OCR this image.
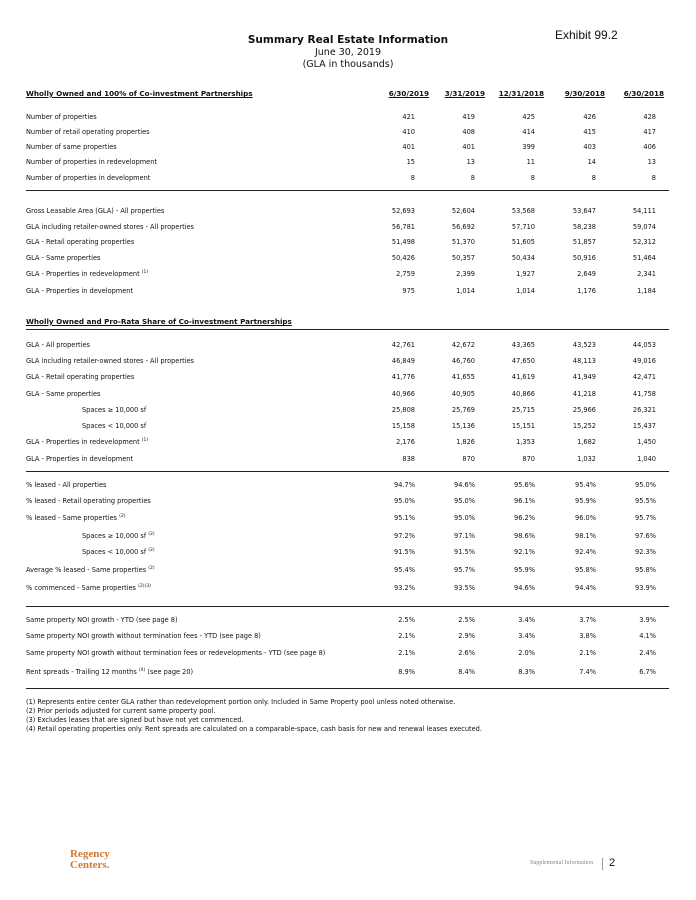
Exhibit 99.2
Summary Real Estate Information
June 30, 2019
(GLA in thousands)
Wholly Owned and 100% of Co-investment Partnerships	6/30/2019	3/31/2019	12/31/2018	9/30/2018	6/30/2018
Number of properties	421	419	425	426	428
Number of retail operating properties	410	408	414	415	417
Number of same properties	401	401	399	403	406
Number of properties in redevelopment	15	13	11	14	13
Number of properties in development	8	8	8	8	8
Gross Leasable Area (GLA) - All properties	52,693	52,604	53,568	53,647	54,111
GLA including retailer-owned stores - All properties	56,781	56,692	57,710	58,238	59,074
GLA - Retail operating properties	51,498	51,370	51,605	51,857	52,312
GLA - Same properties	50,426	50,357	50,434	50,916	51,464
GLA - Properties in redevelopment $^{(1)}$	2,759	2,399	1,927	2,649	2,341
GLA - Properties in development	975	1,014	1,014	1,176	1,184
Wholly Owned and Pro-Rata Share of Co-investment Partnerships
GLA - All properties	42,761	42,672	43,365	43,523	44,053
GLA including retailer-owned stores - All properties	46,849	46,760	47,650	48,113	49,016
GLA - Retail operating properties	41,776	41,655	41,619	41,949	42,471
GLA - Same properties	40,966	40,905	40,866	41,218	41,758
Spaces ≥ 10,000 sf	25,808	25,769	25,715	25,966	26,321
Spaces < 10,000 sf	15,158	15,136	15,151	15,252	15,437
GLA - Properties in redevelopment $^{(1)}$	2,176	1,826	1,353	1,682	1,450
GLA - Properties in development	838	870	870	1,032	1,040
% leased - All properties	94.7%	94.6%	95.6%	95.4%	95.0%
% leased - Retail operating properties	95.0%	95.0%	96.1%	95.9%	95.5%
% leased - Same properties $^{(2)}$	95.1%	95.0%	96.2%	96.0%	95.7%
Spaces ≥ 10,000 sf $^{(2)}$	97.2%	97.1%	98.6%	98.1%	97.6%
Spaces < 10,000 sf $^{(2)}$	91.5%	91.5%	92.1%	92.4%	92.3%
Average % leased - Same properties $^{(2)}$	95.4%	95.7%	95.9%	95.8%	95.8%
% commenced - Same properties $^{(2)(3)}$	93.2%	93.5%	94.6%	94.4%	93.9%
Same property NOI growth - YTD (see page 8)	2.5%	2.5%	3.4%	3.7%	3.9%
Same property NOI growth without termination fees - YTD (see page 8)	2.1%	2.9%	3.4%	3.8%	4.1%
Same property NOI growth without termination fees or redevelopments - YTD (see page 8)	2.1%	2.6%	2.0%	2.1%	2.4%
Rent spreads - Trailing 12 months $^{(4)}$ (see page 20)	8.9%	8.4%	8.3%	7.4%	6.7%
(1) Represents entire center GLA rather than redevelopment portion only. Included in Same Property pool unless noted otherwise.
(2) Prior periods adjusted for current same property pool.
(3) Excludes leases that are signed but have not yet commenced.
(4) Retail operating properties only. Rent spreads are calculated on a comparable-space, cash basis for new and renewal leases executed.
Regency
Centers.	Supplemental Information 2
